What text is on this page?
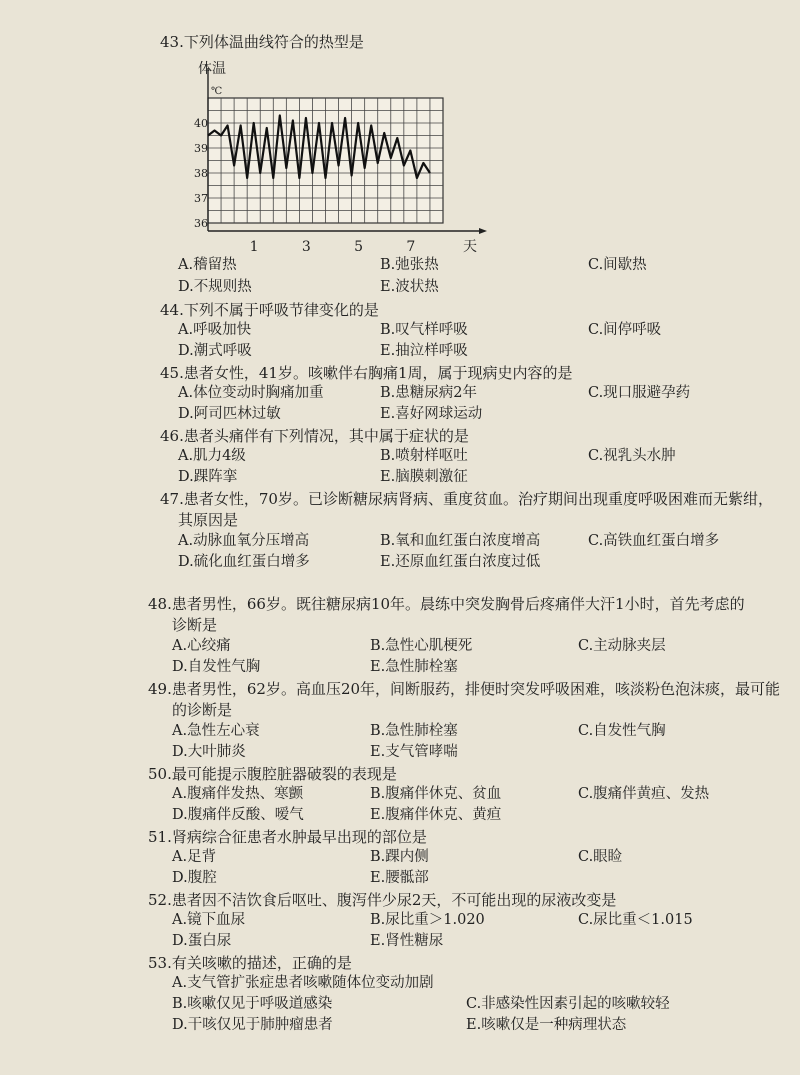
43.下列体温曲线符合的热型是
体温
℃
40
39
38
37
36
1	3	5	7	天
A.稽留热	B.弛张热	C.间歇热
D.不规则热	E.波状热
44.下列不属于呼吸节律变化的是
A.呼吸加快	B.叹气样呼吸	C.间停呼吸
D.潮式呼吸	E.抽泣样呼吸
45.患者女性，41岁。咳嗽伴右胸痛1周，属于现病史内容的是
A.体位变动时胸痛加重	B.患糖尿病2年	C.现口服避孕药
D.阿司匹林过敏	E.喜好网球运动
46.患者头痛伴有下列情况，其中属于症状的是
A.肌力4级	B.喷射样呕吐	C.视乳头水肿
D.踝阵挛	E.脑膜刺激征
47.患者女性，70岁。已诊断糖尿病肾病、重度贫血。治疗期间出现重度呼吸困难而无紫绀，
其原因是
A.动脉血氧分压增高	B.氧和血红蛋白浓度增高	C.高铁血红蛋白增多
D.硫化血红蛋白增多	E.还原血红蛋白浓度过低
48.患者男性，66岁。既往糖尿病10年。晨练中突发胸骨后疼痛伴大汗1小时，首先考虑的
诊断是
A.心绞痛	B.急性心肌梗死	C.主动脉夹层
D.自发性气胸	E.急性肺栓塞
49.患者男性，62岁。高血压20年，间断服药，排便时突发呼吸困难，咳淡粉色泡沫痰，最可能
的诊断是
A.急性左心衰	B.急性肺栓塞	C.自发性气胸
D.大叶肺炎	E.支气管哮喘
50.最可能提示腹腔脏器破裂的表现是
A.腹痛伴发热、寒颤	B.腹痛伴休克、贫血	C.腹痛伴黄疸、发热
D.腹痛伴反酸、嗳气	E.腹痛伴休克、黄疸
51.肾病综合征患者水肿最早出现的部位是
A.足背	B.踝内侧	C.眼睑
D.腹腔	E.腰骶部
52.患者因不洁饮食后呕吐、腹泻伴少尿2天，不可能出现的尿液改变是
A.镜下血尿	B.尿比重＞1.020	C.尿比重＜1.015
D.蛋白尿	E.肾性糖尿
53.有关咳嗽的描述，正确的是
A.支气管扩张症患者咳嗽随体位变动加剧
B.咳嗽仅见于呼吸道感染	C.非感染性因素引起的咳嗽较轻
D.干咳仅见于肺肿瘤患者	E.咳嗽仅是一种病理状态
